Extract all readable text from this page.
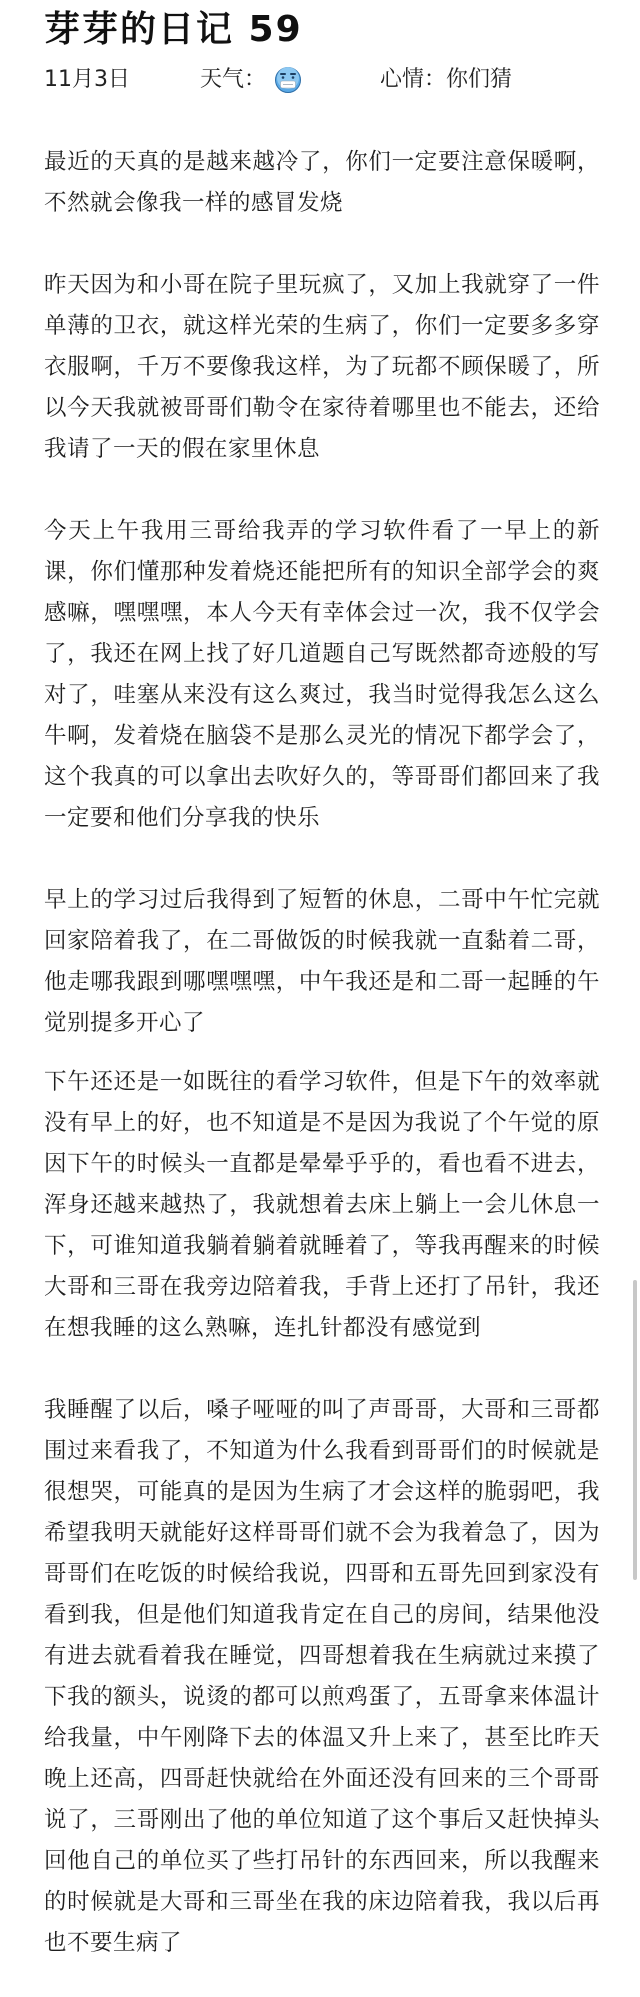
芽芽的日记 59
11月3日	天气：	心情： 你们猜

最近的天真的是越来越冷了，你们一定要注意保暖啊，不然就会像我一样的感冒发烧

昨天因为和小哥在院子里玩疯了，又加上我就穿了一件单薄的卫衣，就这样光荣的生病了，你们一定要多多穿衣服啊，千万不要像我这样，为了玩都不顾保暖了，所以今天我就被哥哥们勒令在家待着哪里也不能去，还给我请了一天的假在家里休息

今天上午我用三哥给我弄的学习软件看了一早上的新课，你们懂那种发着烧还能把所有的知识全部学会的爽感嘛，嘿嘿嘿，本人今天有幸体会过一次，我不仅学会了，我还在网上找了好几道题自己写既然都奇迹般的写对了，哇塞从来没有这么爽过，我当时觉得我怎么这么牛啊，发着烧在脑袋不是那么灵光的情况下都学会了，这个我真的可以拿出去吹好久的，等哥哥们都回来了我一定要和他们分享我的快乐

早上的学习过后我得到了短暂的休息，二哥中午忙完就回家陪着我了，在二哥做饭的时候我就一直黏着二哥，他走哪我跟到哪嘿嘿嘿，中午我还是和二哥一起睡的午觉别提多开心了

下午还还是一如既往的看学习软件，但是下午的效率就没有早上的好，也不知道是不是因为我说了个午觉的原因下午的时候头一直都是晕晕乎乎的，看也看不进去，浑身还越来越热了，我就想着去床上躺上一会儿休息一下，可谁知道我躺着躺着就睡着了，等我再醒来的时候大哥和三哥在我旁边陪着我，手背上还打了吊针，我还在想我睡的这么熟嘛，连扎针都没有感觉到

我睡醒了以后，嗓子哑哑的叫了声哥哥，大哥和三哥都围过来看我了，不知道为什么我看到哥哥们的时候就是很想哭，可能真的是因为生病了才会这样的脆弱吧，我希望我明天就能好这样哥哥们就不会为我着急了，因为哥哥们在吃饭的时候给我说，四哥和五哥先回到家没有看到我，但是他们知道我肯定在自己的房间，结果他没有进去就看着我在睡觉，四哥想着我在生病就过来摸了下我的额头，说烫的都可以煎鸡蛋了，五哥拿来体温计给我量，中午刚降下去的体温又升上来了，甚至比昨天晚上还高，四哥赶快就给在外面还没有回来的三个哥哥说了，三哥刚出了他的单位知道了这个事后又赶快掉头回他自己的单位买了些打吊针的东西回来，所以我醒来的时候就是大哥和三哥坐在我的床边陪着我，我以后再也不要生病了
